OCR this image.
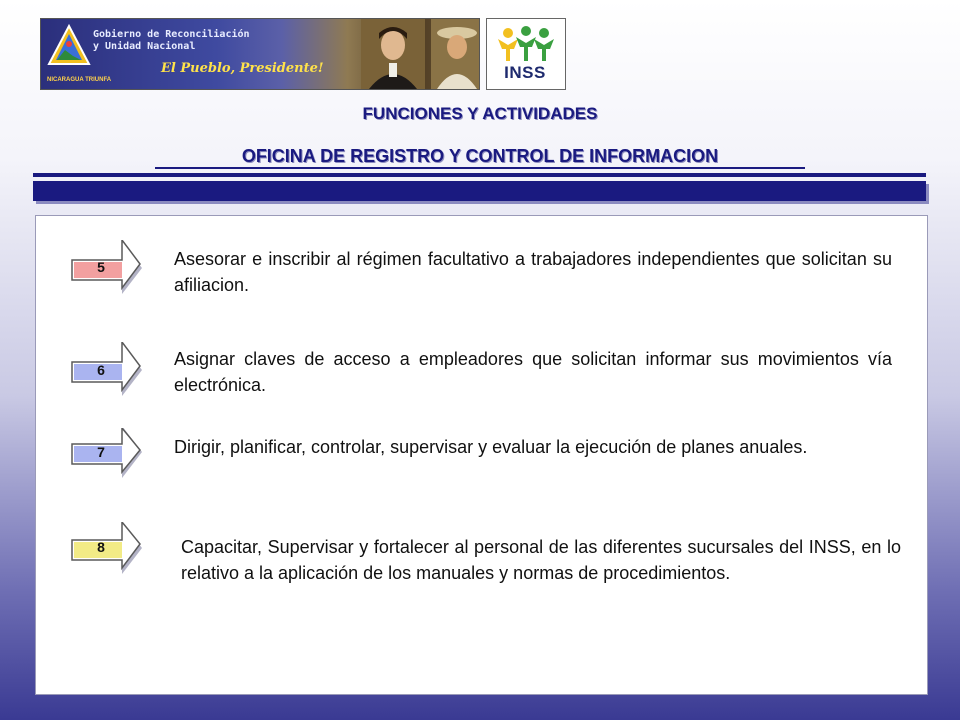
Gobierno de Reconciliación
y Unidad Nacional
El Pueblo, Presidente!
NICARAGUA TRIUNFA	INSS
FUNCIONES Y ACTIVIDADES
OFICINA DE REGISTRO Y CONTROL DE INFORMACION
5	Asesorar e inscribir al régimen facultativo a trabajadores independientes que solicitan su afiliacion.
6
Asignar claves de acceso a empleadores que solicitan informar sus movimientos vía electrónica.
7	Dirigir, planificar, controlar, supervisar y evaluar la ejecución de planes anuales.
8	Capacitar, Supervisar y fortalecer al personal de las diferentes sucursales del INSS, en lo relativo a la aplicación de los manuales y normas de procedimientos.
